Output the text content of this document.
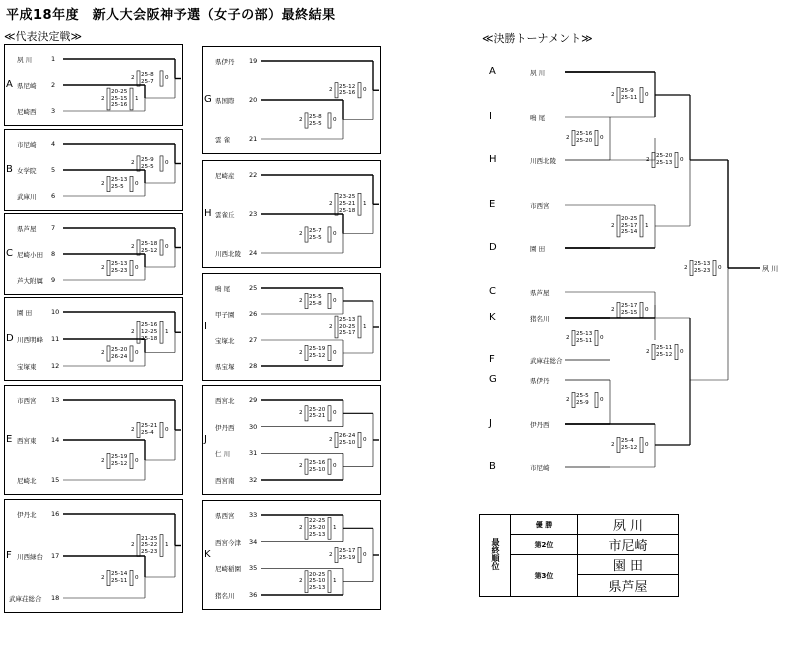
平成18年度　新人大会阪神予選（女子の部）最終結果
≪代表決定戦≫	≪決勝トーナメント≫
A
夙 川	1
県尼崎 2
尼崎西 3
2
20-25
25-15
25-16
1
2
25-8
25-7
0
B
市尼崎 4
女学院 5
武庫川 6
2
25-13
25-5
0
2
25-9
25-5
0
C
県芦屋 7
尼崎小田 8
芦大附属 9
2
25-13
25-23
0
2
25-18
25-12
0
D
園 田	10
川西明峰 11
宝塚東 12
2
25-20
26-24
0
2
25-16
12-25
25-18
1
E
市西宮 13
西宮東 14
尼崎北 15
2
25-19
25-12
0
2
25-21
25-4
0
F
伊丹北 16
川西緑台 17
武庫荘総合 18
2
25-14
25-11
0
2
21-25
25-22
25-23
1
G
県伊丹 19
県国際 20
雲 雀	21
2
25-8
25-5
0
2
25-12
25-16
0
H
尼崎産 22
雲雀丘 23
川西北陵 24
2
25-7
25-5
0
2
23-25
25-21
25-18
1
I
鳴 尾	25
甲子園 26
宝塚北 27
県宝塚 28
2
25-5
25-8
0
2
25-19
25-12
0
2
25-13
20-25
25-17
1
J
西宮北 29
伊丹西 30
仁 川	31
西宮南 32
2
25-20
25-21
0
2
25-16
25-10
0
2
26-24
25-10
0
K
県西宮 33
西宮今津 34
尼崎稲園 35
猪名川 36
2
22-25
25-20
25-13
1
2
20-25
25-10
25-13
1
2
25-17
25-19
0
A	夙 川
I	鳴 尾
H	川西北陵
E	市西宮
D	園 田
C	県芦屋
K	猪名川
F	武庫荘総合
G	県伊丹
J	伊丹西
B	市尼崎
夙 川
2
25-9
25-11
0
2
25-16
25-20
0
2
25-20
25-13
0
2
20-25
25-17
25-14
1
2
25-17
25-15
0
2
25-13
25-11
0
2
25-5
25-9
0
2
25-4
25-12
0
2
25-11
25-12
0
2
25-13
25-23
0
最終順位	優 勝	夙 川
	第2位	市尼崎
	第3位	園 田
		県芦屋
